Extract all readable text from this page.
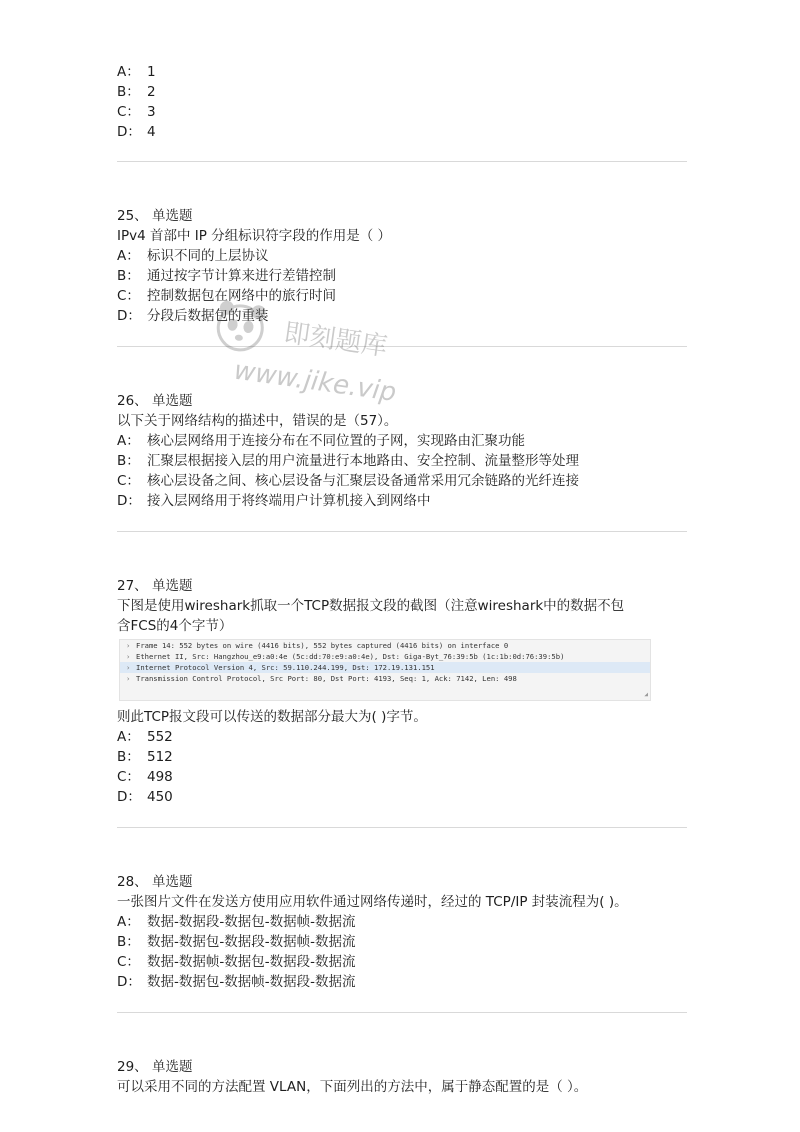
A： 1
B： 2
C： 3
D： 4
25、 单选题
IPv4 首部中 IP 分组标识符字段的作用是（ ）
A： 标识不同的上层协议
B： 通过按字节计算来进行差错控制
C： 控制数据包在网络中的旅行时间
D： 分段后数据包的重装
26、 单选题
以下关于网络结构的描述中，错误的是（57）。
A： 核心层网络用于连接分布在不同位置的子网，实现路由汇聚功能
B： 汇聚层根据接入层的用户流量进行本地路由、安全控制、流量整形等处理
C： 核心层设备之间、核心层设备与汇聚层设备通常采用冗余链路的光纤连接
D： 接入层网络用于将终端用户计算机接入到网络中
27、 单选题
下图是使用wireshark抓取一个TCP数据报文段的截图（注意wireshark中的数据不包
含FCS的4个字节）
› Frame 14: 552 bytes on wire (4416 bits), 552 bytes captured (4416 bits) on interface 0
› Ethernet II, Src: Hangzhou_e9:a0:4e (5c:dd:70:e9:a0:4e), Dst: Giga-Byt_76:39:5b (1c:1b:0d:76:39:5b)
› Internet Protocol Version 4, Src: 59.110.244.199, Dst: 172.19.131.151
› Transmission Control Protocol, Src Port: 80, Dst Port: 4193, Seq: 1, Ack: 7142, Len: 498
◢
则此TCP报文段可以传送的数据部分最大为( )字节。
A： 552
B： 512
C： 498
D： 450
28、 单选题
一张图片文件在发送方使用应用软件通过网络传递时，经过的 TCP/IP 封装流程为( )。
A： 数据-数据段-数据包-数据帧-数据流
B： 数据-数据包-数据段-数据帧-数据流
C： 数据-数据帧-数据包-数据段-数据流
D： 数据-数据包-数据帧-数据段-数据流
29、 单选题
可以采用不同的方法配置 VLAN，下面列出的方法中，属于静态配置的是（ ）。
即刻题库
www.jike.vip
